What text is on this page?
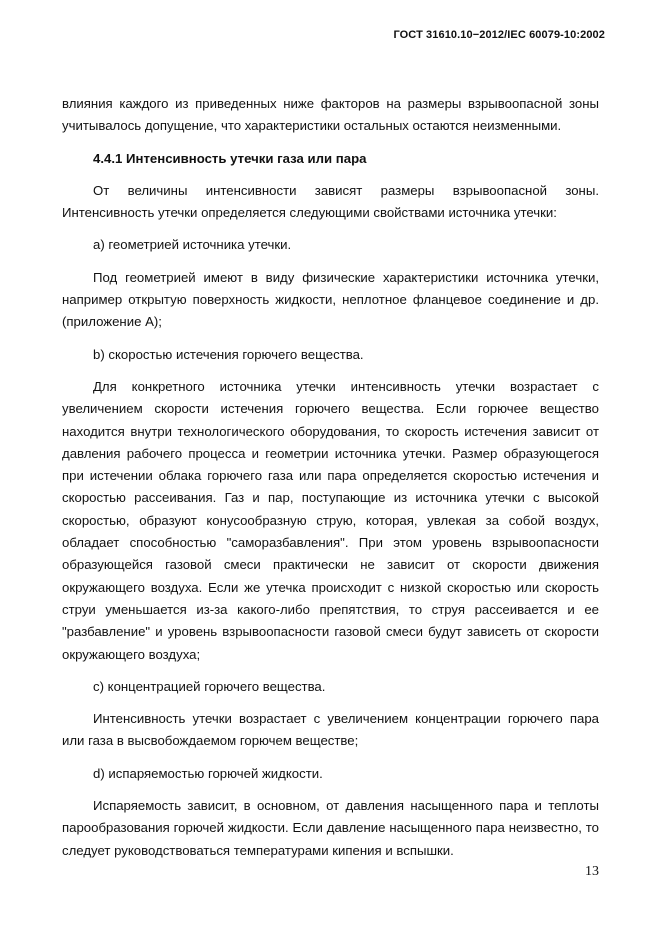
ГОСТ 31610.10−2012/IEC 60079-10:2002

влияния каждого из приведенных ниже факторов на размеры взрывоопасной зоны учитывалось допущение, что характеристики остальных остаются неизменными.

4.4.1 Интенсивность утечки газа или пара

От величины интенсивности зависят размеры взрывоопасной зоны. Интенсивность утечки определяется следующими свойствами источника утечки:

а) геометрией источника утечки.

Под геометрией имеют в виду физические характеристики источника утечки, например открытую поверхность жидкости, неплотное фланцевое соединение и др. (приложение А);

b) скоростью истечения горючего вещества.

Для конкретного источника утечки интенсивность утечки возрастает с увеличением скорости истечения горючего вещества. Если горючее вещество находится внутри технологического оборудования, то скорость истечения зависит от давления рабочего процесса и геометрии источника утечки. Размер образующегося при истечении облака горючего газа или пара определяется скоростью истечения и скоростью рассеивания. Газ и пар, поступающие из источника утечки с высокой скоростью, образуют конусообразную струю, которая, увлекая за собой воздух, обладает способностью "саморазбавления". При этом уровень взрывоопасности образующейся газовой смеси практически не зависит от скорости движения окружающего воздуха. Если же утечка происходит с низкой скоростью или скорость струи уменьшается из-за какого-либо препятствия, то струя рассеивается и ее "разбавление" и уровень взрывоопасности газовой смеси будут зависеть от скорости окружающего воздуха;

с) концентрацией горючего вещества.

Интенсивность утечки возрастает с увеличением концентрации горючего пара или газа в высвобождаемом горючем веществе;

d) испаряемостью горючей жидкости.

Испаряемость зависит, в основном, от давления насыщенного пара и теплоты парообразования горючей жидкости. Если давление насыщенного пара неизвестно, то следует руководствоваться температурами кипения и вспышки.

13
